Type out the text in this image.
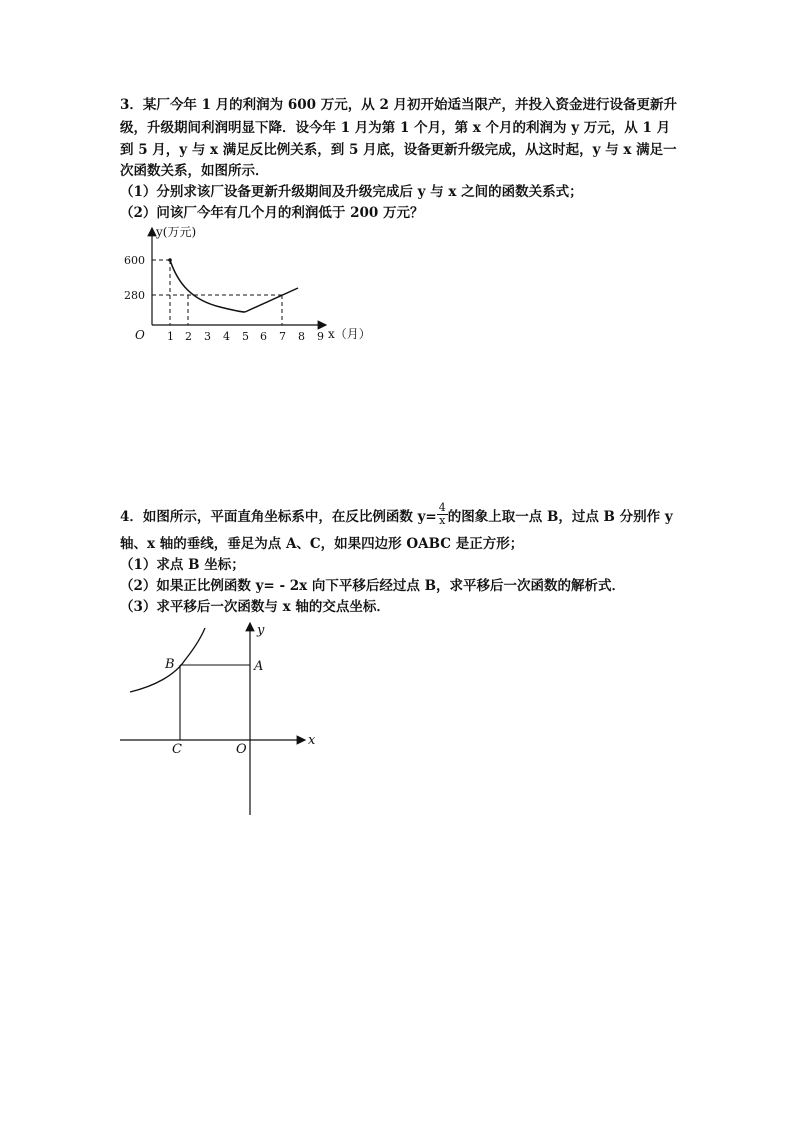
3．某厂今年 1 月的利润为 600 万元，从 2 月初开始适当限产，并投入资金进行设备更新升
级，升级期间利润明显下降．设今年 1 月为第 1 个月，第 x 个月的利润为 y 万元，从 1 月
到 5 月，y 与 x 满足反比例关系，到 5 月底，设备更新升级完成，从这时起，y 与 x 满足一
次函数关系，如图所示．
（1）分别求该厂设备更新升级期间及升级完成后 y 与 x 之间的函数关系式；
（2）问该厂今年有几个月的利润低于 200 万元？
y(万元)
600
280
O 1 2 3 4 5 6 7 8 9 x（月）
4．如图所示，平面直角坐标系中，在反比例函数 $y= \frac{4}{x}$ 的图象上取一点 B，过点 B 分别作 y
轴、x 轴的垂线，垂足为点 A、C，如果四边形 OABC 是正方形；
（1）求点 B 坐标；
（2）如果正比例函数 y= - 2x 向下平移后经过点 B，求平移后一次函数的解析式．
（3）求平移后一次函数与 x 轴的交点坐标．
B	A
C	O
x
y
